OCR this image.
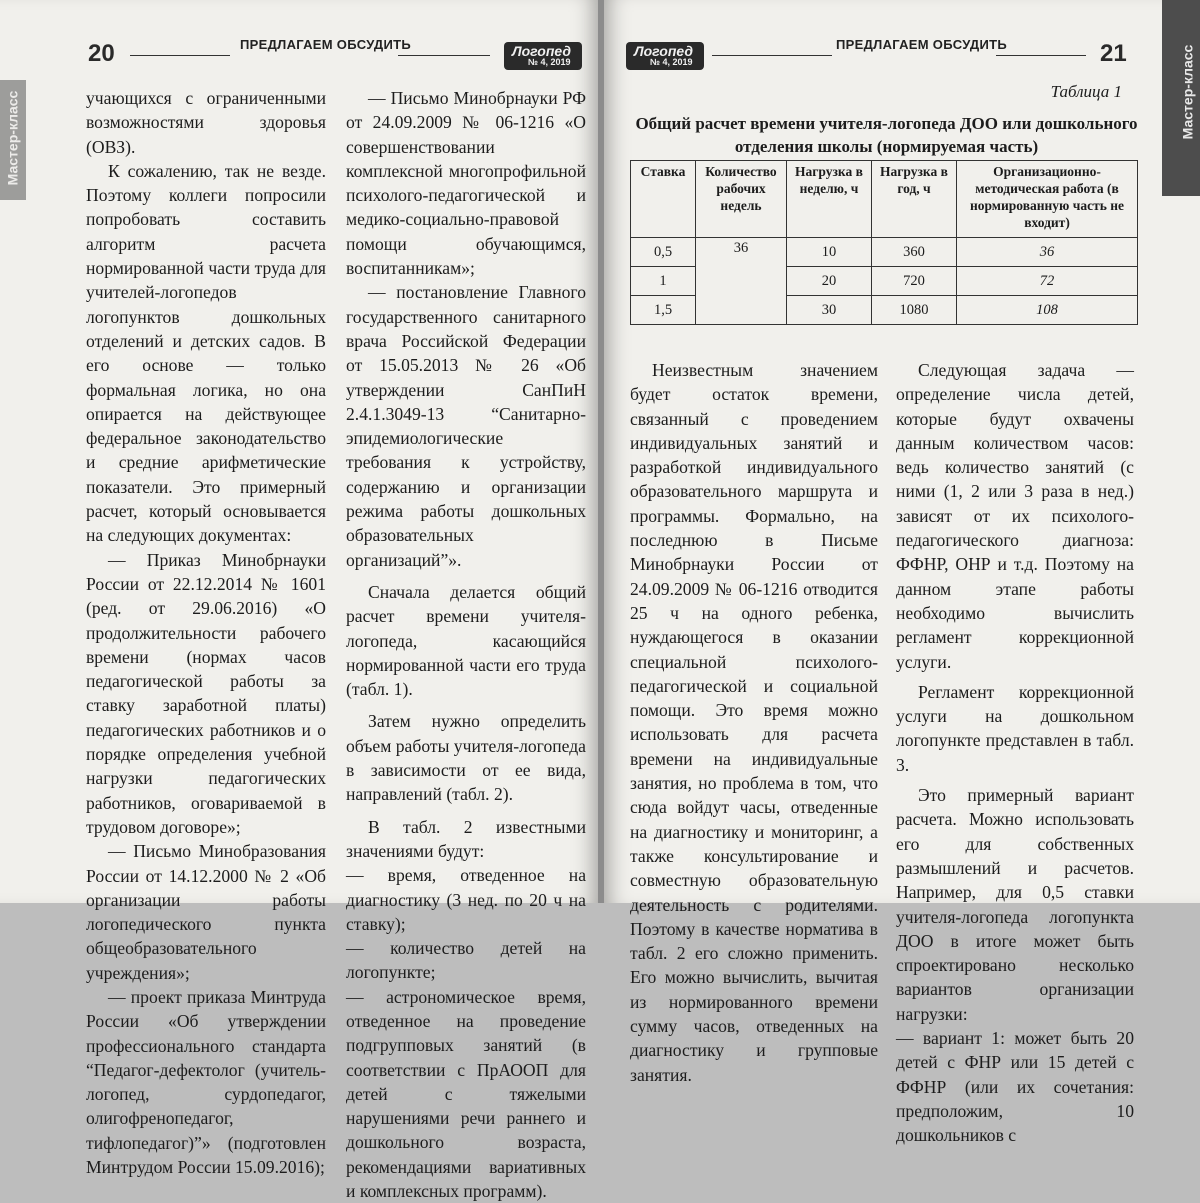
Мастер-класс
20	ПРЕДЛАГАЕМ ОБСУДИТЬ	Логопед
№ 4, 2019

учающихся с ограниченными возможностями здоровья (ОВЗ).

К сожалению, так не везде. Поэтому коллеги попросили попробовать составить алгоритм расчета нормированной части труда для учителей-логопедов логопунктов дошкольных отделений и детских садов. В его основе — только формальная логика, но она опирается на действующее федеральное законодательство и средние арифметические показатели. Это примерный расчет, который основывается на следующих документах:

— Приказ Минобрнауки России от 22.12.2014 № 1601 (ред. от 29.06.2016) «О продолжительности рабочего времени (нормах часов педагогической работы за ставку заработной платы) педагогических работников и о порядке определения учебной нагрузки педагогических работников, оговариваемой в трудовом договоре»;

— Письмо Минобразования России от 14.12.2000 № 2 «Об организации работы логопедического пункта общеобразовательного учреждения»;

— проект приказа Минтруда России «Об утверждении профессионального стандарта “Педагог-дефектолог (учитель-логопед, сурдопедагог, олигофренопедагог, тифлопедагог)”» (подготовлен Минтрудом России 15.09.2016);

— Письмо Минобрнауки РФ от 24.09.2009 № 06-1216 «О совершенствовании комплексной многопрофильной психолого-педагогической и медико-социально-правовой помощи обучающимся, воспитанникам»;

— постановление Главного государственного санитарного врача Российской Федерации от 15.05.2013 № 26 «Об утверждении СанПиН 2.4.1.3049-13 “Санитарно-эпидемиологические требования к устройству, содержанию и организации режима работы дошкольных образовательных организаций”».

Сначала делается общий расчет времени учителя-логопеда, касающийся нормированной части его труда (табл. 1).

Затем нужно определить объем работы учителя-логопеда в зависимости от ее вида, направлений (табл. 2).

В табл. 2 известными значениями будут:

— время, отведенное на диагностику (3 нед. по 20 ч на ставку);

— количество детей на логопункте;

— астрономическое время, отведенное на проведение подгрупповых занятий (в соответствии с ПрАООП для детей с тяжелыми нарушениями речи раннего и дошкольного возраста, рекомендациями вариативных и комплексных программ).

Логопед
№ 4, 2019
ПРЕДЛАГАЕМ ОБСУДИТЬ	21	Мастер-класс
Таблица 1
Общий расчет времени учителя-логопеда ДОО или дошкольного отделения школы (нормируемая часть)
Ставка	Количество рабочих недель	Нагрузка в неделю, ч	Нагрузка в год, ч	Организационно-методическая работа (в нормированную часть не входит)
0,5	36	10	360	36
1		20	720	72
1,5		30	1080	108

Неизвестным значением будет остаток времени, связанный с проведением индивидуальных занятий и разработкой индивидуального образовательного маршрута и программы. Формально, на последнюю в Письме Минобрнауки России от 24.09.2009 № 06-1216 отводится 25 ч на одного ребенка, нуждающегося в оказании специальной психолого-педагогической и социальной помощи. Это время можно использовать для расчета времени на индивидуальные занятия, но проблема в том, что сюда войдут часы, отведенные на диагностику и мониторинг, а также консультирование и совместную образовательную деятельность с родителями. Поэтому в качестве норматива в табл. 2 его сложно применить. Его можно вычислить, вычитая из нормированного времени сумму часов, отведенных на диагностику и групповые занятия.

Следующая задача — определение числа детей, которые будут охвачены данным количеством часов: ведь количество занятий (с ними (1, 2 или 3 раза в нед.) зависят от их психолого-педагогического диагноза: ФФНР, ОНР и т.д. Поэтому на данном этапе работы необходимо вычислить регламент коррекционной услуги.

Регламент коррекционной услуги на дошкольном логопункте представлен в табл. 3.

Это примерный вариант расчета. Можно использовать его для собственных размышлений и расчетов. Например, для 0,5 ставки учителя-логопеда логопункта ДОО в итоге может быть спроектировано несколько вариантов организации нагрузки:

— вариант 1: может быть 20 детей с ФНР или 15 детей с ФФНР (или их сочетания: предположим, 10 дошкольников с
